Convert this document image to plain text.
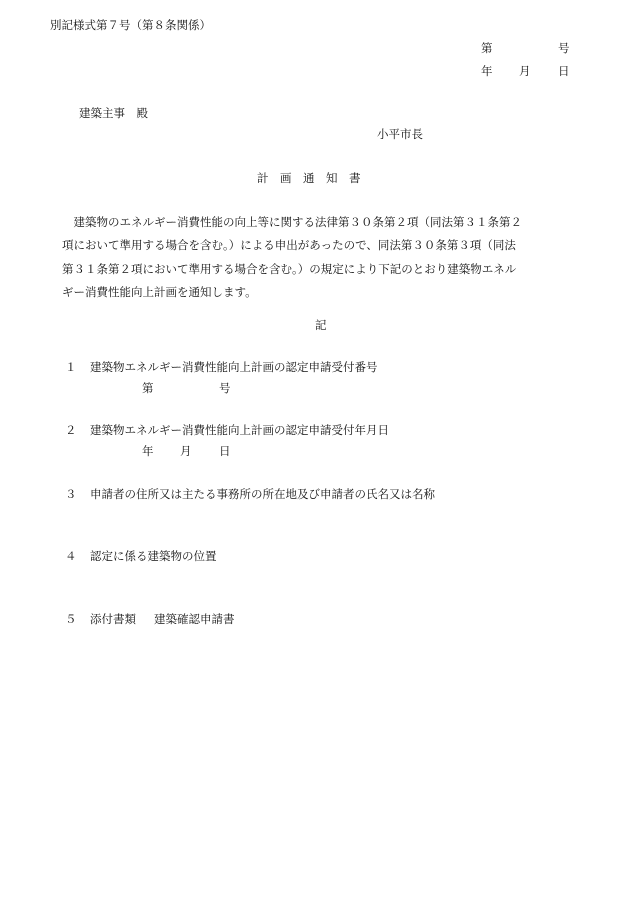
別記様式第７号（第８条関係）
第	号
年 月 日
建築主事　殿
小平市長
計　画　通　知　書

　建築物のエネルギー消費性能の向上等に関する法律第３０条第２項（同法第３１条第２

項において準用する場合を含む。）による申出があったので、同法第３０条第３項（同法

第３１条第２項において準用する場合を含む。）の規定により下記のとおり建築物エネル

ギー消費性能向上計画を通知します。

記
１ 建築物エネルギー消費性能向上計画の認定申請受付番号
第	号
２ 建築物エネルギー消費性能向上計画の認定申請受付年月日
年 月 日
３ 申請者の住所又は主たる事務所の所在地及び申請者の氏名又は名称
４ 認定に係る建築物の位置
５ 添付書類 建築確認申請書
